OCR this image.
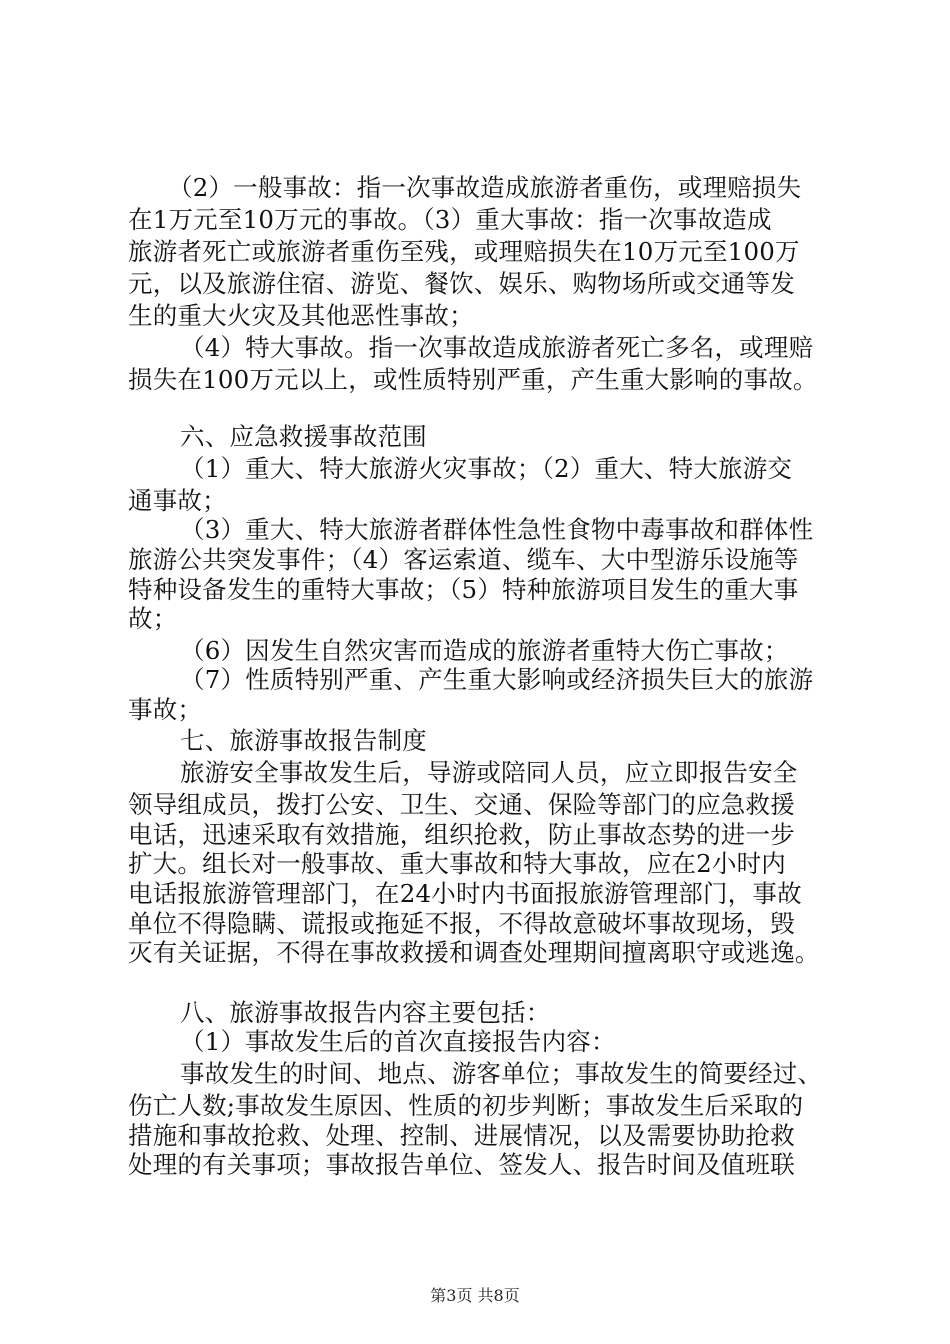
（2）一般事故：指一次事故造成旅游者重伤，或理赔损失
在1万元至10万元的事故。（3）重大事故：指一次事故造成
旅游者死亡或旅游者重伤至残，或理赔损失在10万元至100万
元，以及旅游住宿、游览、餐饮、娱乐、购物场所或交通等发
生的重大火灾及其他恶性事故；
（4）特大事故。指一次事故造成旅游者死亡多名，或理赔
损失在100万元以上，或性质特别严重，产生重大影响的事故。
六、应急救援事故范围
（1）重大、特大旅游火灾事故；（2）重大、特大旅游交
通事故；
（3）重大、特大旅游者群体性急性食物中毒事故和群体性
旅游公共突发事件；（4）客运索道、缆车、大中型游乐设施等
特种设备发生的重特大事故；（5）特种旅游项目发生的重大事
故；
（6）因发生自然灾害而造成的旅游者重特大伤亡事故；
（7）性质特别严重、产生重大影响或经济损失巨大的旅游
事故；
七、旅游事故报告制度
旅游安全事故发生后，导游或陪同人员，应立即报告安全
领导组成员，拨打公安、卫生、交通、保险等部门的应急救援
电话，迅速采取有效措施，组织抢救，防止事故态势的进一步
扩大。组长对一般事故、重大事故和特大事故，应在2小时内
电话报旅游管理部门，在24小时内书面报旅游管理部门，事故
单位不得隐瞒、谎报或拖延不报，不得故意破坏事故现场，毁
灭有关证据，不得在事故救援和调查处理期间擅离职守或逃逸。
八、旅游事故报告内容主要包括：
（1）事故发生后的首次直接报告内容：
事故发生的时间、地点、游客单位；事故发生的简要经过、
伤亡人数;事故发生原因、性质的初步判断；事故发生后采取的
措施和事故抢救、处理、控制、进展情况，以及需要协助抢救
处理的有关事项；事故报告单位、签发人、报告时间及值班联
第3页 共8页
